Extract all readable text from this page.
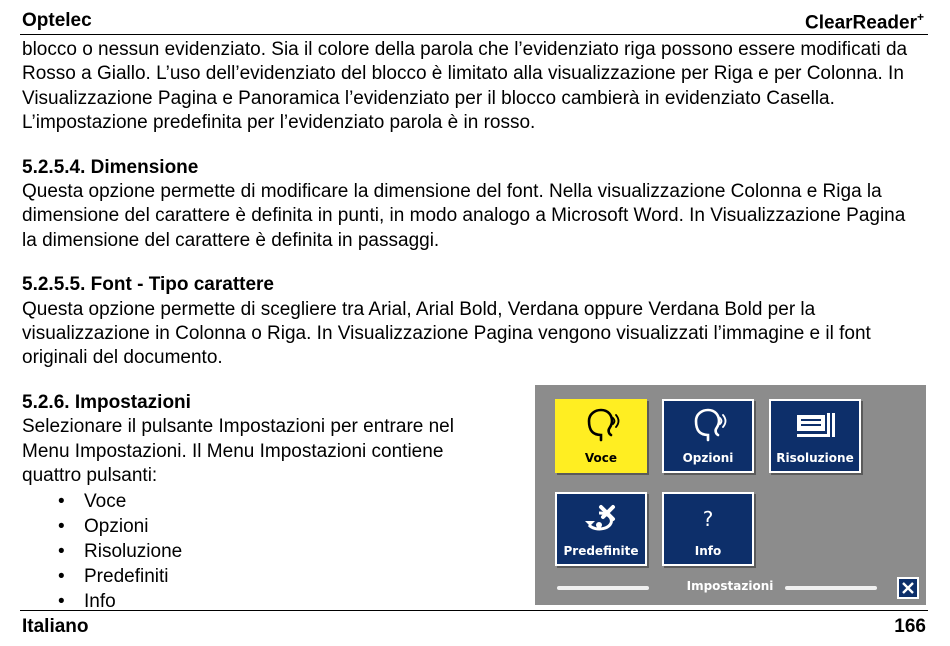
Optelec	ClearReader+

blocco o nessun evidenziato. Sia il colore della parola che l’evidenziato riga possono essere modificati da Rosso a Giallo. L’uso dell’evidenziato del blocco è limitato alla visualizzazione per Riga e per Colonna. In Visualizzazione Pagina e Panoramica l’evidenziato per il blocco cambierà in evidenziato Casella. L’impostazione predefinita per l’evidenziato parola è in rosso.

5.2.5.4. Dimensione

Questa opzione permette di modificare la dimensione del font. Nella visualizzazione Colonna e Riga la dimensione del carattere è definita in punti, in modo analogo a Microsoft Word. In Visualizzazione Pagina la dimensione del carattere è definita in passaggi.

5.2.5.5. Font - Tipo carattere

Questa opzione permette di scegliere tra Arial, Arial Bold, Verdana oppure Verdana Bold per la visualizzazione in Colonna o Riga. In Visualizzazione Pagina vengono visualizzati l’immagine e il font originali del documento.

5.2.6. Impostazioni

Selezionare il pulsante Impostazioni per entrare nel Menu Impostazioni. Il Menu Impostazioni contiene quattro pulsanti:

• Voce
• Opzioni
• Risoluzione
• Predefiniti
• Info
Voce	Opzioni	Risoluzione
Predefinite
?
Info
Impostazioni
Italiano	166
